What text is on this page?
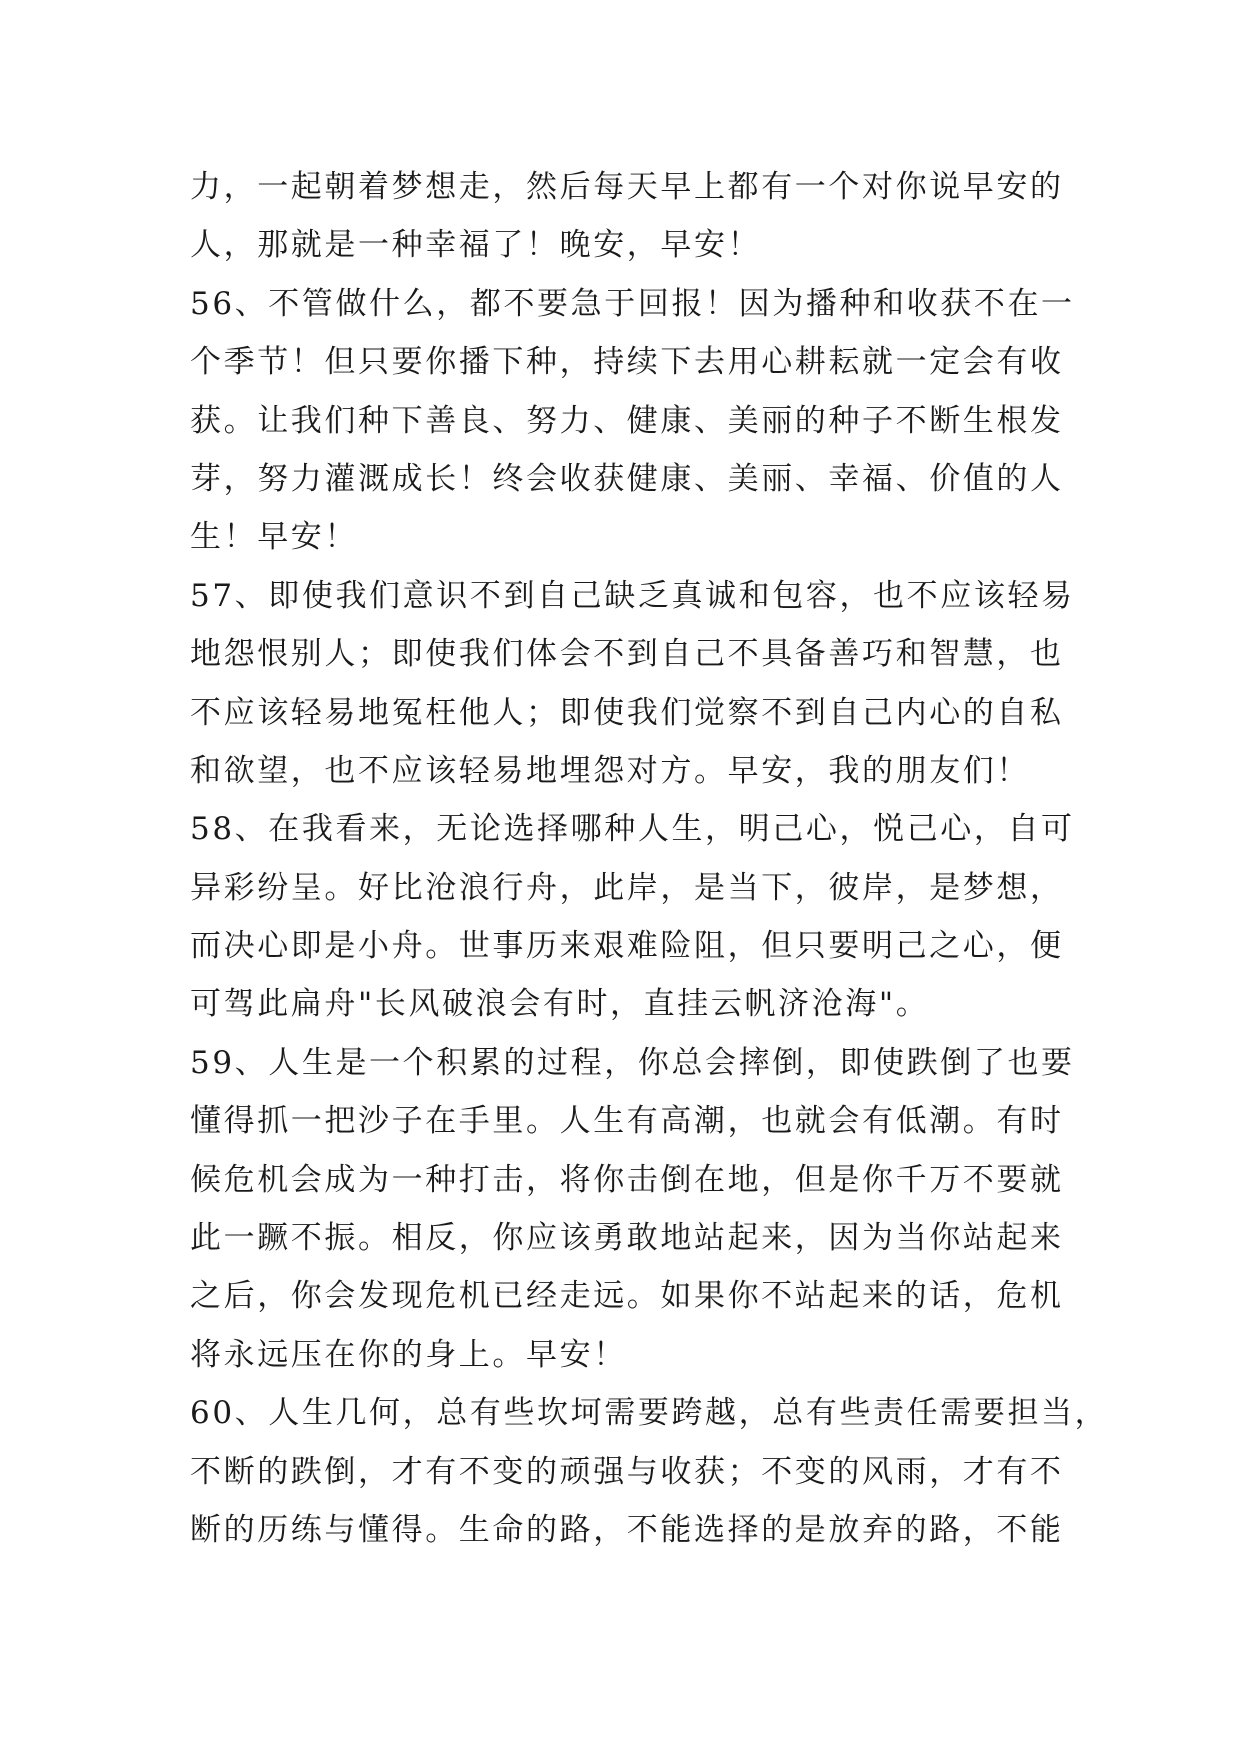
力，一起朝着梦想走，然后每天早上都有一个对你说早安的
人，那就是一种幸福了！晚安，早安！
56、不管做什么，都不要急于回报！因为播种和收获不在一
个季节！但只要你播下种，持续下去用心耕耘就一定会有收
获。让我们种下善良、努力、健康、美丽的种子不断生根发
芽，努力灌溉成长！终会收获健康、美丽、幸福、价值的人
生！早安！
57、即使我们意识不到自己缺乏真诚和包容，也不应该轻易
地怨恨别人；即使我们体会不到自己不具备善巧和智慧，也
不应该轻易地冤枉他人；即使我们觉察不到自己内心的自私
和欲望，也不应该轻易地埋怨对方。早安，我的朋友们！
58、在我看来，无论选择哪种人生，明己心，悦己心，自可
异彩纷呈。好比沧浪行舟，此岸，是当下，彼岸，是梦想，
而决心即是小舟。世事历来艰难险阻，但只要明己之心，便
可驾此扁舟"长风破浪会有时，直挂云帆济沧海"。
59、人生是一个积累的过程，你总会摔倒，即使跌倒了也要
懂得抓一把沙子在手里。人生有高潮，也就会有低潮。有时
候危机会成为一种打击，将你击倒在地，但是你千万不要就
此一蹶不振。相反，你应该勇敢地站起来，因为当你站起来
之后，你会发现危机已经走远。如果你不站起来的话，危机
将永远压在你的身上。早安！
60、人生几何，总有些坎坷需要跨越，总有些责任需要担当，
不断的跌倒，才有不变的顽强与收获；不变的风雨，才有不
断的历练与懂得。生命的路，不能选择的是放弃的路，不能
